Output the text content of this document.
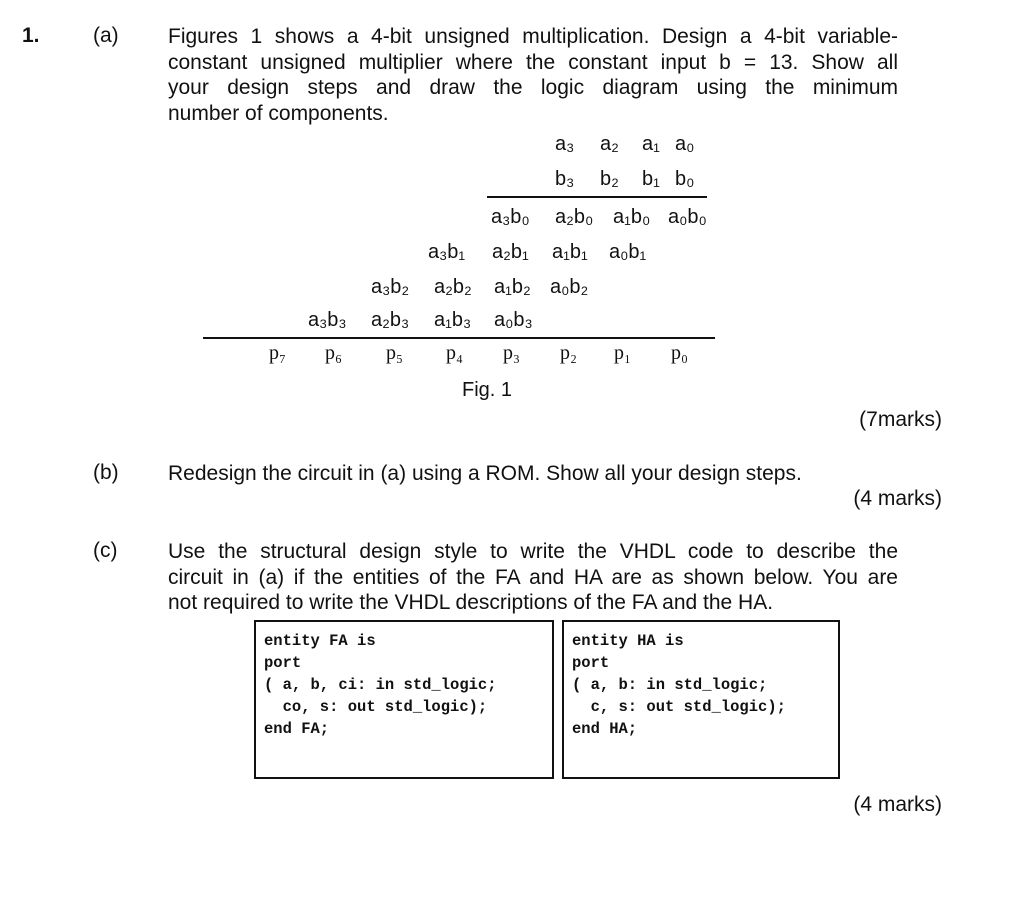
1.	(a) Figures 1 shows a 4-bit unsigned multiplication. Design a 4-bit variable-
constant unsigned multiplier where the constant input b = 13. Show all
your design steps and draw the logic diagram using the minimum
number of components.
a₃ a₂ a₁ a₀
b₃ b₂ b₁ b₀
a₃b₀ a₂b₀ a₁b₀ a₀b₀
a₃b₁ a₂b₁ a₁b₁ a₀b₁
a₃b₂ a₂b₂ a₁b₂ a₀b₂
a₃b₃ a₂b₃ a₁b₃ a₀b₃
p₇ p₆ p₅ p₄ p₃ p₂ p₁ p₀
Fig. 1
(7marks)
(b) Redesign the circuit in (a) using a ROM. Show all your design steps.
(4 marks)
(c) Use the structural design style to write the VHDL code to describe the
circuit in (a) if the entities of the FA and HA are as shown below. You are
not required to write the VHDL descriptions of the FA and the HA.
entity FA is
port
( a, b, ci: in std_logic;
co, s: out std_logic);
end FA;
entity HA is
port
( a, b: in std_logic;
c, s: out std_logic);
end HA;
(4 marks)
